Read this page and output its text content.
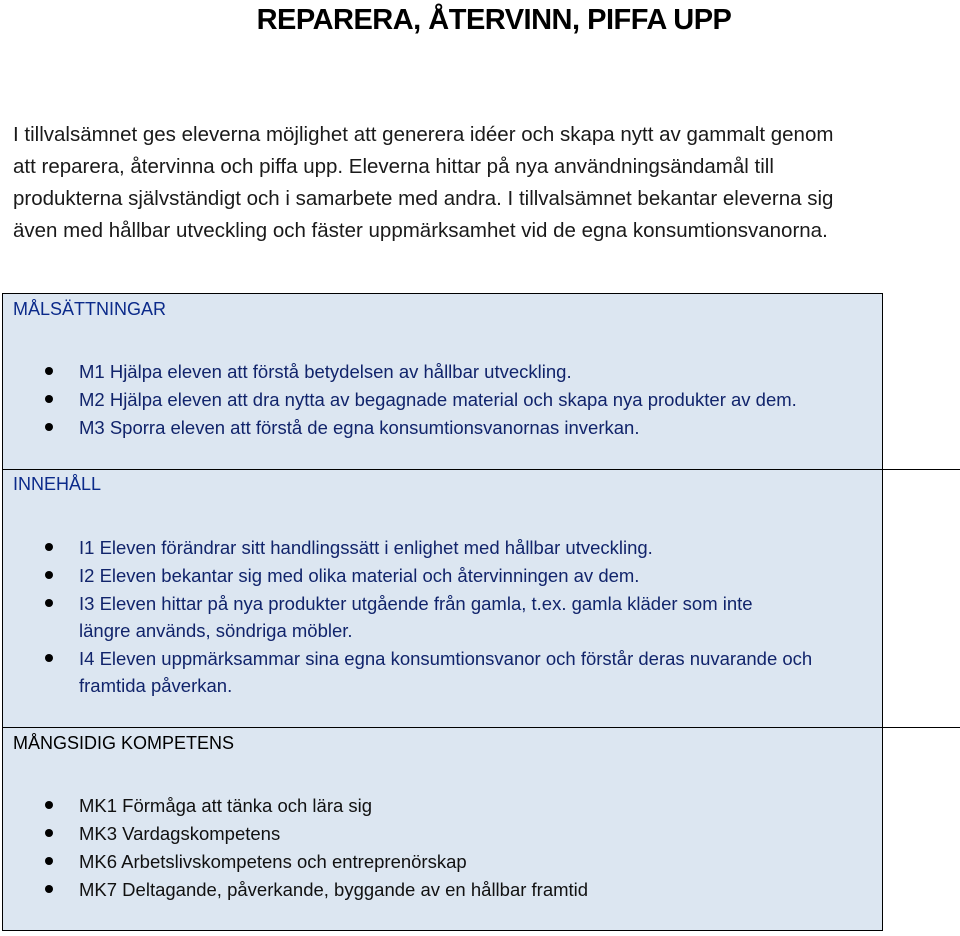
REPARERA, ÅTERVINN, PIFFA UPP
I tillvalsämnet ges eleverna möjlighet att generera idéer och skapa nytt av gammalt genom
att reparera, återvinna och piffa upp. Eleverna hittar på nya användningsändamål till
produkterna självständigt och i samarbete med andra. I tillvalsämnet bekantar eleverna sig
även med hållbar utveckling och fäster uppmärksamhet vid de egna konsumtionsvanorna.
MÅLSÄTTNINGAR
M1 Hjälpa eleven att förstå betydelsen av hållbar utveckling.
M2 Hjälpa eleven att dra nytta av begagnade material och skapa nya produkter av dem.
M3 Sporra eleven att förstå de egna konsumtionsvanornas inverkan.
INNEHÅLL
I1 Eleven förändrar sitt handlingssätt i enlighet med hållbar utveckling.
I2 Eleven bekantar sig med olika material och återvinningen av dem.
I3 Eleven hittar på nya produkter utgående från gamla, t.ex. gamla kläder som inte
längre används, söndriga möbler.
I4 Eleven uppmärksammar sina egna konsumtionsvanor och förstår deras nuvarande och
framtida påverkan.
MÅNGSIDIG KOMPETENS
MK1 Förmåga att tänka och lära sig
MK3 Vardagskompetens
MK6 Arbetslivskompetens och entreprenörskap
MK7 Deltagande, påverkande, byggande av en hållbar framtid
